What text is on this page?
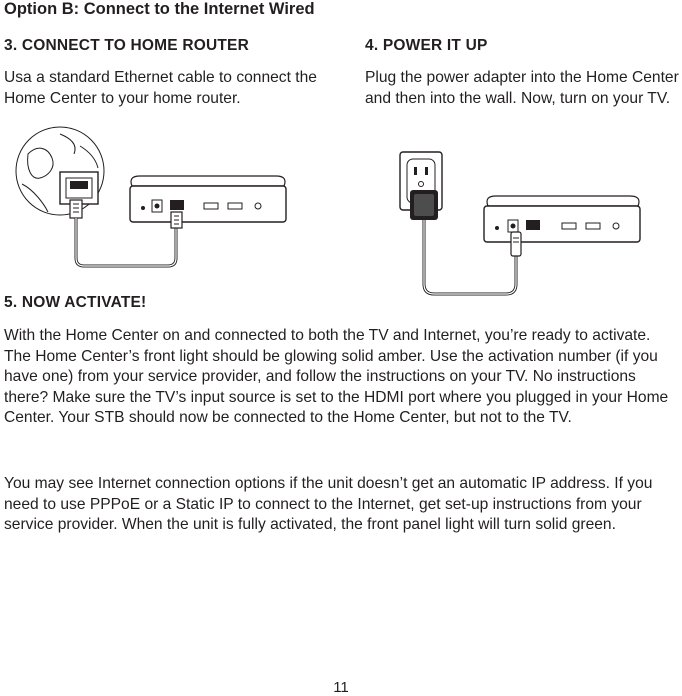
Option B: Connect to the Internet Wired
3. CONNECT TO HOME ROUTER
Usa a standard Ethernet cable to connect the Home Center to your home router.
4. POWER IT UP
Plug the power adapter into the Home Center and then into the wall. Now, turn on your TV.
5. NOW ACTIVATE!
With the Home Center on and connected to both the TV and Internet, you’re ready to activate. The Home Center’s front light should be glowing solid amber. Use the activation number (if you have one) from your service provider, and follow the instructions on your TV. No instructions there? Make sure the TV’s input source is set to the HDMI port where you plugged in your Home Center. Your STB should now be connected to the Home Center, but not to the TV.
You may see Internet connection options if the unit doesn’t get an automatic IP address. If you need to use PPPoE or a Static IP to connect to the Internet, get set-up instructions from your service provider. When the unit is fully activated, the front panel light will turn solid green.
11
